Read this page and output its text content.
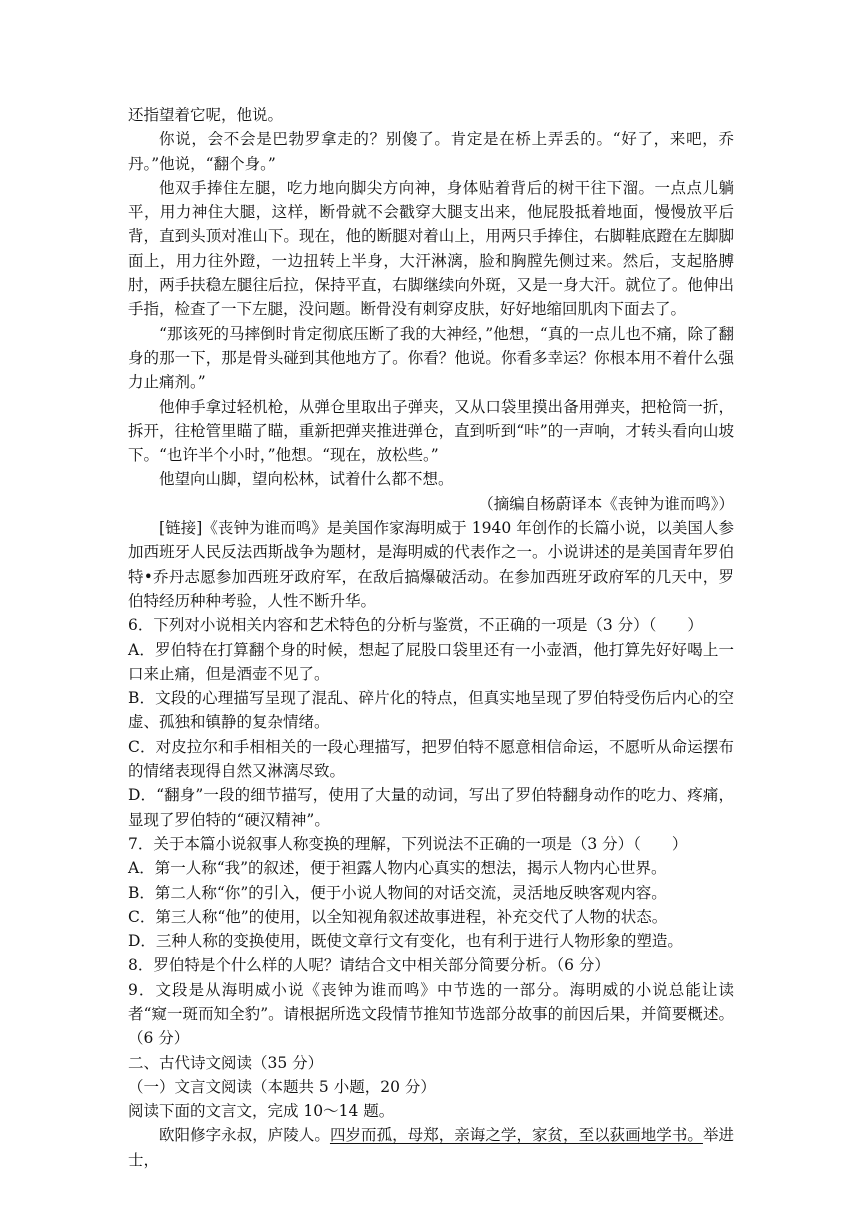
还指望着它呢，他说。

你说，会不会是巴勃罗拿走的？别傻了。肯定是在桥上弄丢的。“好了，来吧，乔丹。”他说，“翻个身。”

他双手捧住左腿，吃力地向脚尖方向神，身体贴着背后的树干往下溜。一点点儿躺平，用力神住大腿，这样，断骨就不会戳穿大腿支出来，他屁股抵着地面，慢慢放平后背，直到头顶对准山下。现在，他的断腿对着山上，用两只手捧住，右脚鞋底蹬在左脚脚面上，用力往外蹬，一边扭转上半身，大汗淋漓，脸和胸膛先侧过来。然后，支起胳膊肘，两手扶稳左腿往后拉，保持平直，右脚继续向外斑，又是一身大汗。就位了。他伸出手指，检查了一下左腿，没问题。断骨没有刺穿皮肤，好好地缩回肌肉下面去了。

“那该死的马摔倒时肯定彻底压断了我的大神经，”他想，“真的一点儿也不痛，除了翻身的那一下，那是骨头碰到其他地方了。你看？他说。你看多幸运？你根本用不着什么强力止痛剂。”

他伸手拿过轻机枪，从弹仓里取出子弹夹，又从口袋里摸出备用弹夹，把枪筒一折，拆开，往枪管里瞄了瞄，重新把弹夹推进弹仓，直到听到“咔”的一声响，才转头看向山坡下。“也许半个小时，”他想。“现在，放松些。”

他望向山脚，望向松林，试着什么都不想。

（摘编自杨蔚译本《丧钟为谁而鸣》）

[链接]《丧钟为谁而鸣》是美国作家海明威于 1940 年创作的长篇小说，以美国人参加西班牙人民反法西斯战争为题材，是海明威的代表作之一。小说讲述的是美国青年罗伯特•乔丹志愿参加西班牙政府军，在敌后搞爆破活动。在参加西班牙政府军的几天中，罗伯特经历种种考验，人性不断升华。

6．下列对小说相关内容和艺术特色的分析与鉴赏，不正确的一项是（3 分）（　　）

A．罗伯特在打算翻个身的时候，想起了屁股口袋里还有一小壶酒，他打算先好好喝上一口来止痛，但是酒壶不见了。

B．文段的心理描写呈现了混乱、碎片化的特点，但真实地呈现了罗伯特受伤后内心的空虚、孤独和镇静的复杂情绪。

C．对皮拉尔和手相相关的一段心理描写，把罗伯特不愿意相信命运，不愿听从命运摆布的情绪表现得自然又淋漓尽致。

D．“翻身”一段的细节描写，使用了大量的动词，写出了罗伯特翻身动作的吃力、疼痛，显现了罗伯特的“硬汉精神”。

7．关于本篇小说叙事人称变换的理解，下列说法不正确的一项是（3 分）（　　）

A．第一人称“我”的叙述，便于袒露人物内心真实的想法，揭示人物内心世界。

B．第二人称“你”的引入，便于小说人物间的对话交流，灵活地反映客观内容。

C．第三人称“他”的使用，以全知视角叙述故事进程，补充交代了人物的状态。

D．三种人称的变换使用，既使文章行文有变化，也有利于进行人物形象的塑造。

8．罗伯特是个什么样的人呢？请结合文中相关部分简要分析。（6 分）

9．文段是从海明威小说《丧钟为谁而鸣》中节选的一部分。海明威的小说总能让读者“窥一斑而知全豹”。请根据所选文段情节推知节选部分故事的前因后果，并简要概述。（6 分）

二、古代诗文阅读（35 分）

（一）文言文阅读（本题共 5 小题，20 分）

阅读下面的文言文，完成 10～14 题。

欧阳修字永叔，庐陵人。四岁而孤，母郑，亲诲之学，家贫，至以荻画地学书。举进士，
